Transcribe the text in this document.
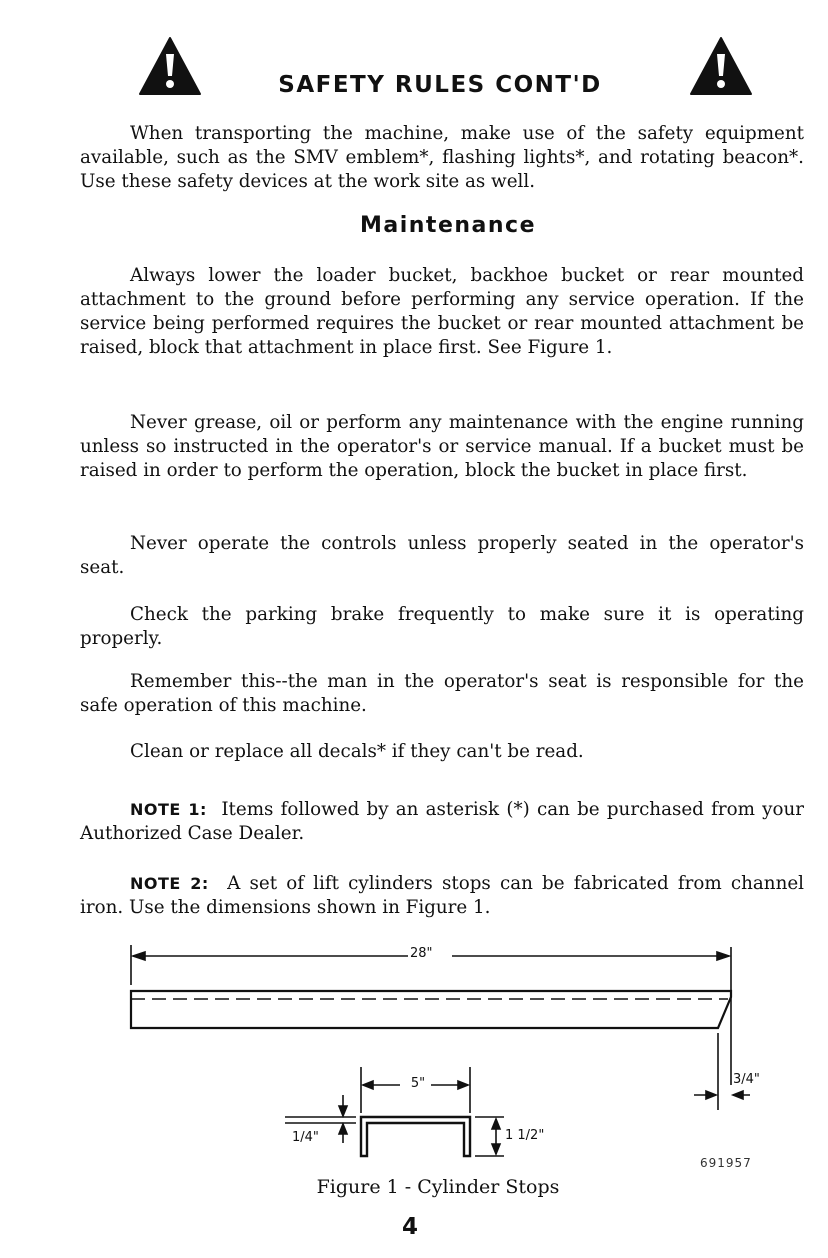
SAFETY RULES CONT'D

When transporting the machine, make use of the safety equipment available, such as the SMV emblem*, flashing lights*, and rotating beacon*. Use these safety devices at the work site as well.

Maintenance

Always lower the loader bucket, backhoe bucket or rear mounted attachment to the ground before performing any service operation. If the service being performed requires the bucket or rear mounted attachment be raised, block that attachment in place first. See Figure 1.

Never grease, oil or perform any maintenance with the engine running unless so instructed in the operator's or service manual. If a bucket must be raised in order to perform the operation, block the bucket in place first.

Never operate the controls unless properly seated in the operator's seat.

Check the parking brake frequently to make sure it is operating properly.

Remember this--the man in the operator's seat is responsible for the safe operation of this machine.

Clean or replace all decals* if they can't be read.

NOTE 1: Items followed by an asterisk (*) can be purchased from your Authorized Case Dealer.

NOTE 2: A set of lift cylinders stops can be fabricated from channel iron. Use the dimensions shown in Figure 1.

28"
5"	3/4"
1/4"	1 1/2"
691957
Figure 1 - Cylinder Stops
4
